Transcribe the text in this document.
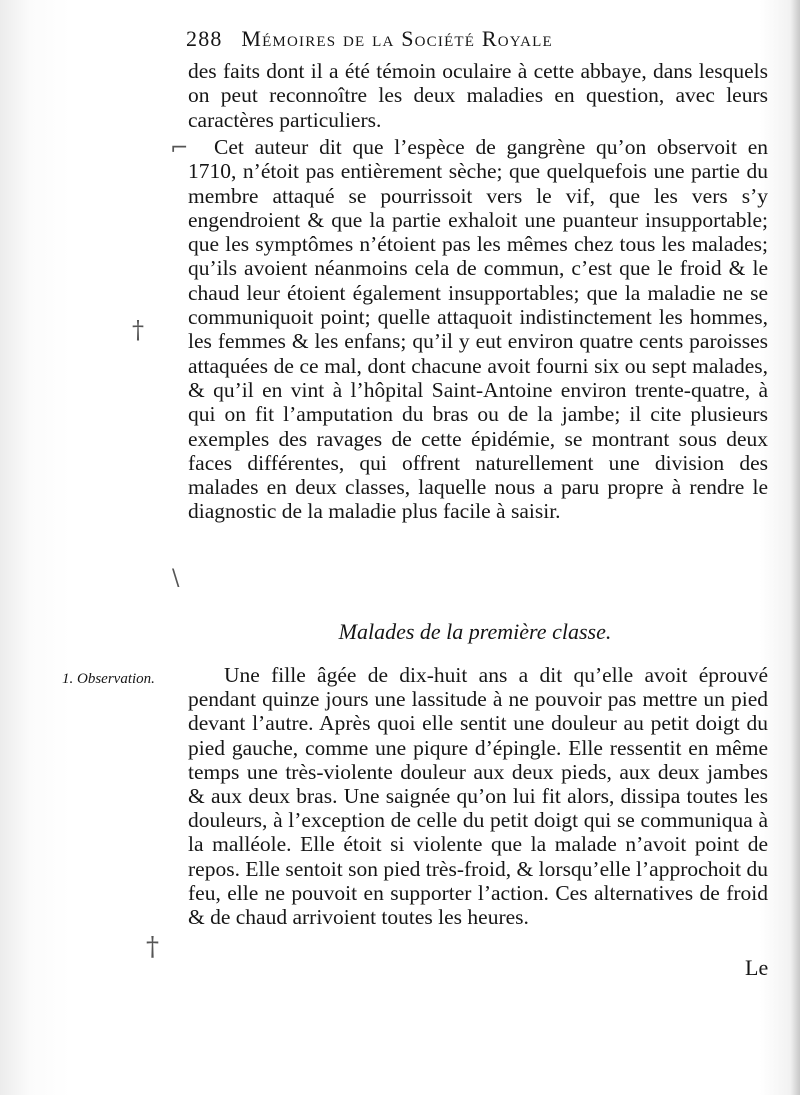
288 Mémoires de la Société Royale
⌐
des faits dont il a été témoin oculaire à cette abbaye, dans lesquels on peut reconnoître les deux maladies en question, avec leurs caractères particuliers.
Cet auteur dit que l’espèce de gangrène qu’on observoit en 1710, n’étoit pas entièrement sèche; que quelquefois une partie du membre attaqué se pourrissoit vers le vif, que les vers s’y engendroient & que la partie exhaloit une puanteur insupportable; que les symptômes n’étoient pas les mêmes chez tous les malades; qu’ils avoient néanmoins cela de commun, c’est que le froid & le chaud leur étoient également insupportables; que la maladie ne se communiquoit point; quelle attaquoit indistinctement les hommes, les femmes & les enfans; qu’il y eut environ quatre cents paroisses attaquées de ce mal, dont chacune avoit fourni six ou sept malades, & qu’il en vint à l’hôpital Saint-Antoine environ trente-quatre, à qui on fit l’amputation du bras ou de la jambe; il cite plusieurs exemples des ravages de cette épidémie, se montrant sous deux faces différentes, qui offrent naturellement une division des malades en deux classes, laquelle nous a paru propre à rendre le diagnostic de la maladie plus facile à saisir.
†
\
Malades de la première classe.
1. Observation.	Une fille âgée de dix-huit ans a dit qu’elle avoit éprouvé pendant quinze jours une lassitude à ne pouvoir pas mettre un pied devant l’autre. Après quoi elle sentit une douleur au petit doigt du pied gauche, comme une piqure d’épingle. Elle ressentit en même temps une très-violente douleur aux deux pieds, aux deux jambes & aux deux bras. Une saignée qu’on lui fit alors, dissipa toutes les douleurs, à l’exception de celle du petit doigt qui se communiqua à la malléole. Elle étoit si violente que la malade n’avoit point de repos. Elle sentoit son pied très-froid, & lorsqu’elle l’approchoit du feu, elle ne pouvoit en supporter l’action. Ces alternatives de froid & de chaud arrivoient toutes les heures.
†
Le
